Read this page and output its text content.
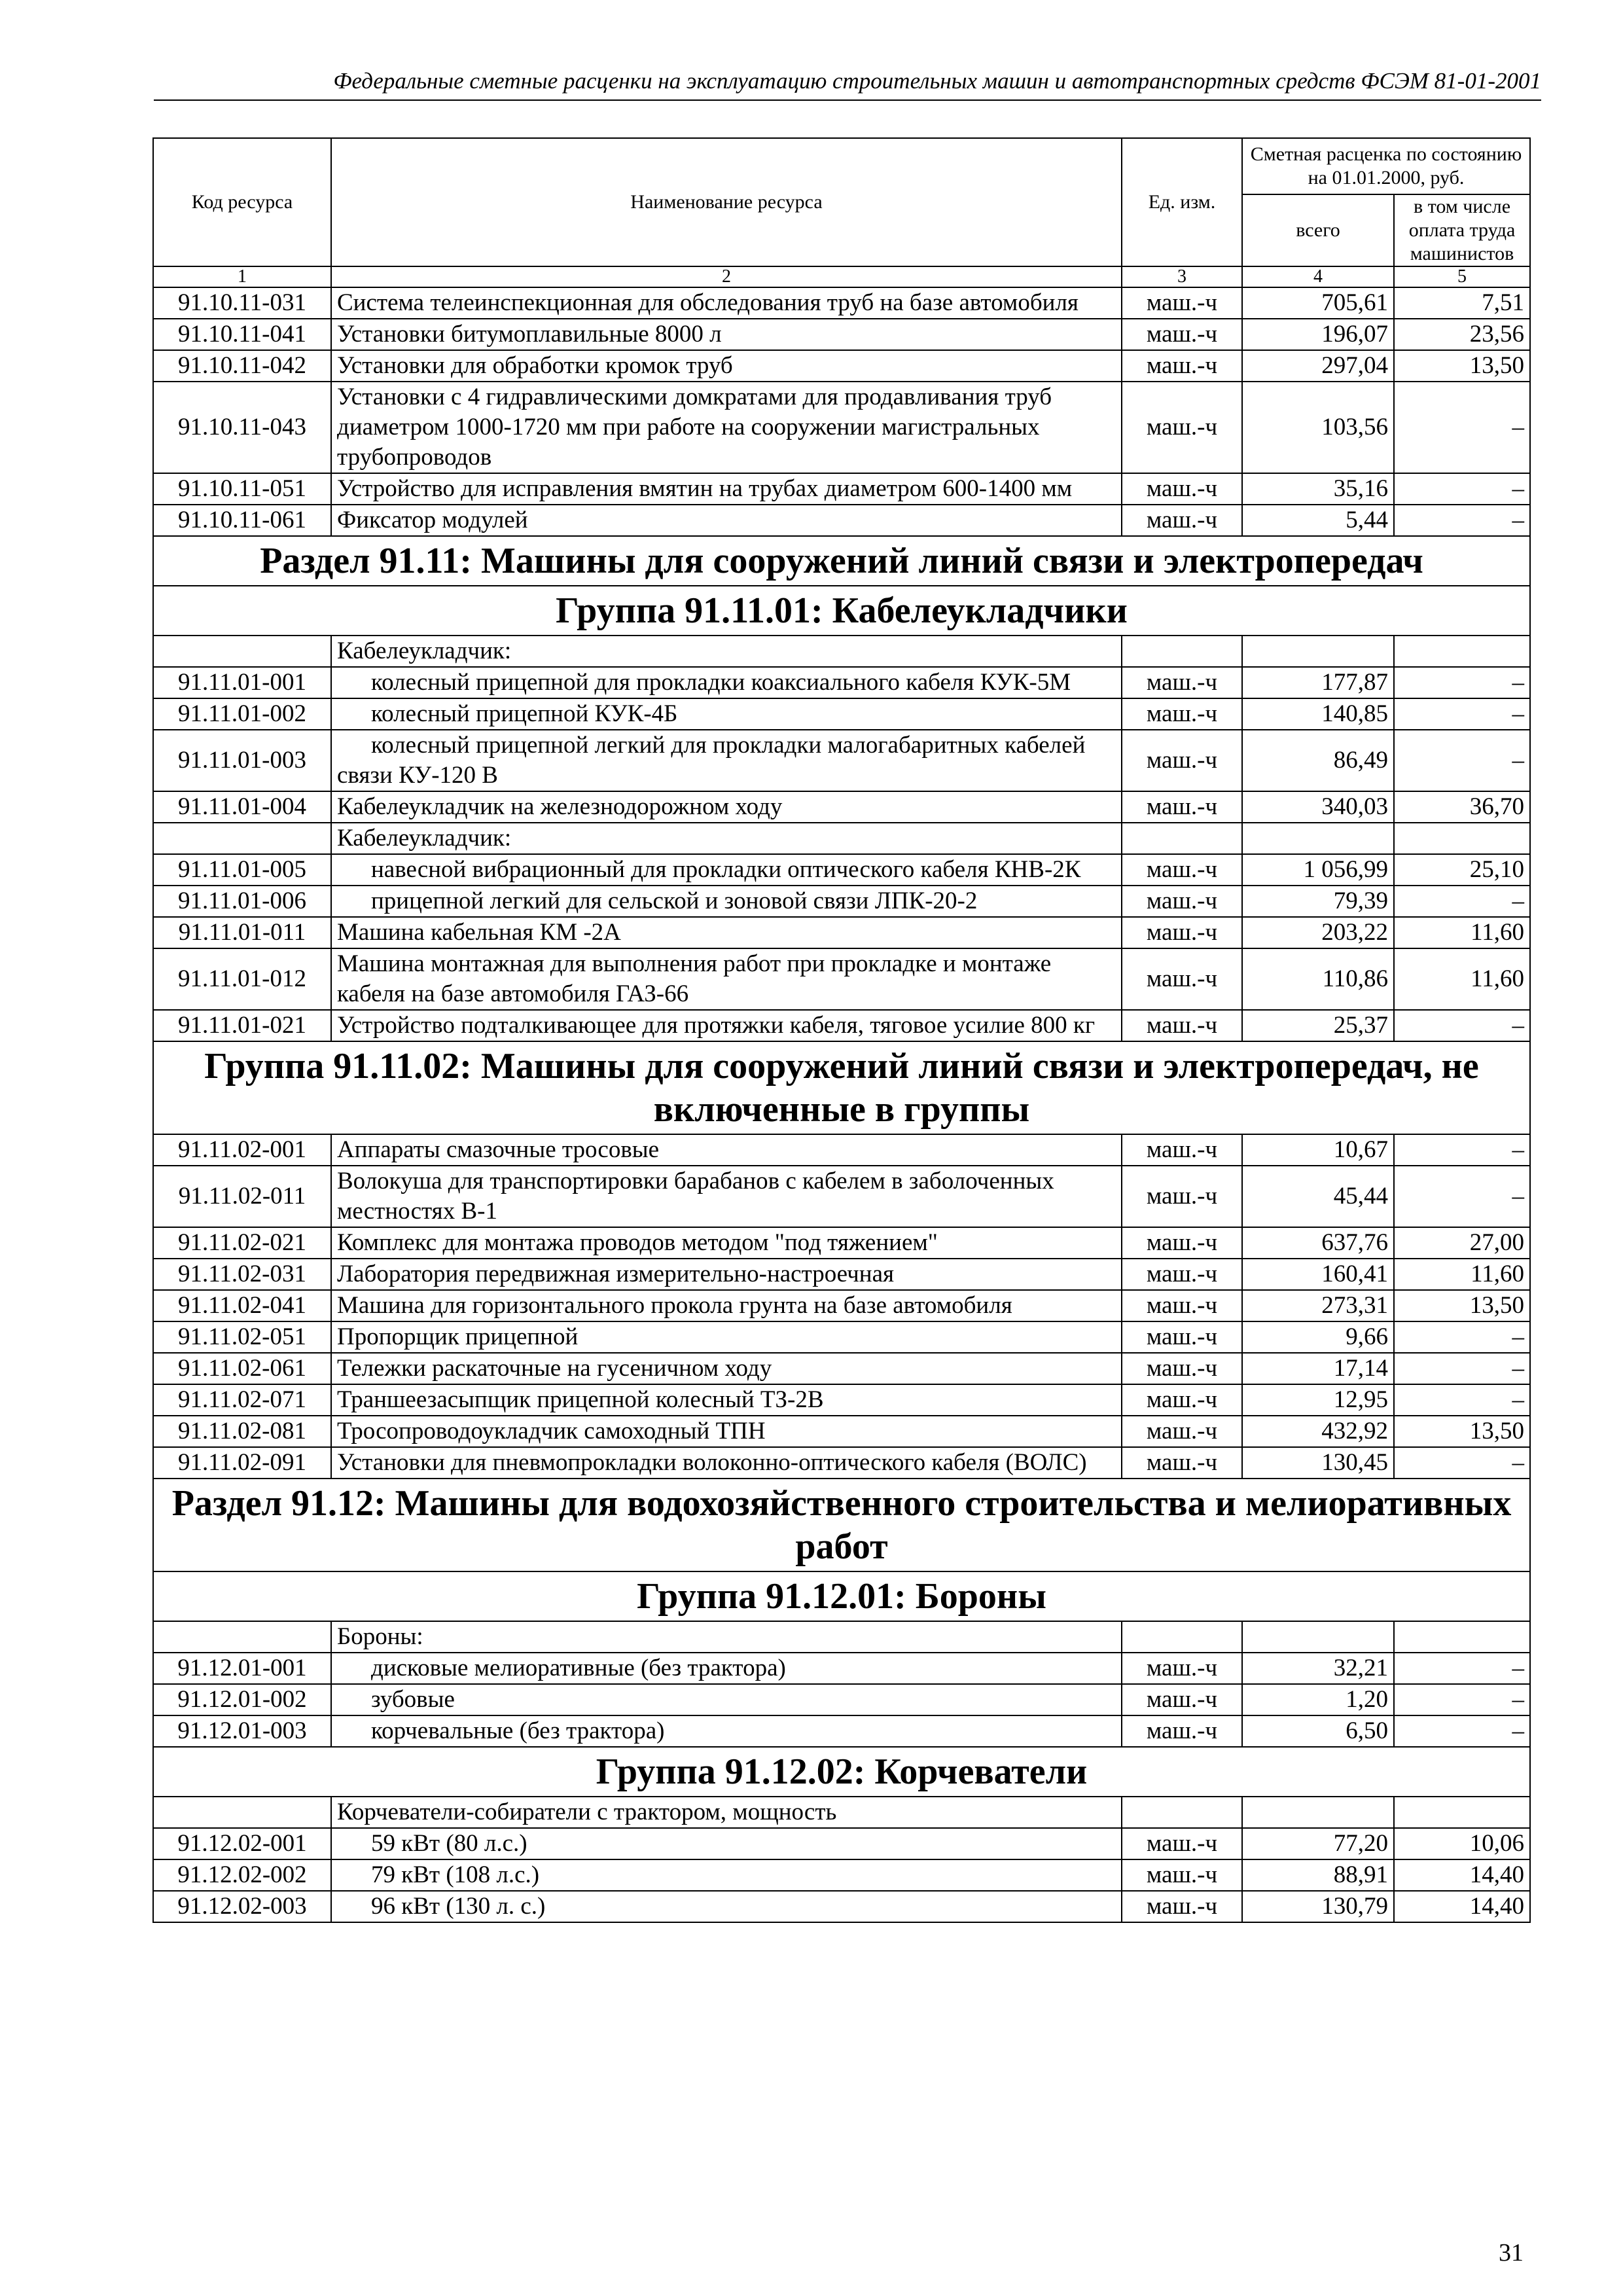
Федеральные сметные расценки на эксплуатацию строительных машин и автотранспортных средств ФСЭМ 81-01-2001
Код ресурса	Наименование ресурса	Ед. изм.	Сметная расценка по состоянию на 01.01.2000, руб.	
			всего	в том числе оплата труда машинистов
1	2	3	4	5
91.10.11-031	Система телеинспекционная для обследования труб на базе автомобиля	маш.-ч	705,61	7,51
91.10.11-041	Установки битумоплавильные 8000 л	маш.-ч	196,07	23,56
91.10.11-042	Установки для обработки кромок труб	маш.-ч	297,04	13,50
91.10.11-043	Установки с 4 гидравлическими домкратами для продавливания труб диаметром 1000-1720 мм при работе на сооружении магистральных трубопроводов	маш.-ч	103,56	–
91.10.11-051	Устройство для исправления вмятин на трубах диаметром 600-1400 мм	маш.-ч	35,16	–
91.10.11-061	Фиксатор модулей	маш.-ч	5,44	–
Раздел 91.11: Машины для сооружений линий связи и электропередач				
Группа 91.11.01: Кабелеукладчики				
	Кабелеукладчик:			
91.11.01-001	колесный прицепной для прокладки коаксиального кабеля КУК-5М	маш.-ч	177,87	–
91.11.01-002	колесный прицепной КУК-4Б	маш.-ч	140,85	–
91.11.01-003	колесный прицепной легкий для прокладки малогабаритных кабелей связи КУ-120 В	маш.-ч	86,49	–
91.11.01-004	Кабелеукладчик на железнодорожном ходу	маш.-ч	340,03	36,70
	Кабелеукладчик:			
91.11.01-005	навесной вибрационный для прокладки оптического кабеля КНВ-2К	маш.-ч	1 056,99	25,10
91.11.01-006	прицепной легкий для сельской и зоновой связи ЛПК-20-2	маш.-ч	79,39	–
91.11.01-011	Машина кабельная КМ -2А	маш.-ч	203,22	11,60
91.11.01-012	Машина монтажная для выполнения работ при прокладке и монтаже кабеля на базе автомобиля ГАЗ-66	маш.-ч	110,86	11,60
91.11.01-021	Устройство подталкивающее для протяжки кабеля, тяговое усилие 800 кг	маш.-ч	25,37	–
Группа 91.11.02: Машины для сооружений линий связи и электропередач, не включенные в группы				
91.11.02-001	Аппараты смазочные тросовые	маш.-ч	10,67	–
91.11.02-011	Волокуша для транспортировки барабанов с кабелем в заболоченных местностях В-1	маш.-ч	45,44	–
91.11.02-021	Комплекс для монтажа проводов методом "под тяжением"	маш.-ч	637,76	27,00
91.11.02-031	Лаборатория передвижная измерительно-настроечная	маш.-ч	160,41	11,60
91.11.02-041	Машина для горизонтального прокола грунта на базе автомобиля	маш.-ч	273,31	13,50
91.11.02-051	Пропорщик прицепной	маш.-ч	9,66	–
91.11.02-061	Тележки раскаточные на гусеничном ходу	маш.-ч	17,14	–
91.11.02-071	Траншеезасыпщик прицепной колесный ТЗ-2В	маш.-ч	12,95	–
91.11.02-081	Тросопроводоукладчик самоходный ТПН	маш.-ч	432,92	13,50
91.11.02-091	Установки для пневмопрокладки волоконно-оптического кабеля (ВОЛС)	маш.-ч	130,45	–
Раздел 91.12: Машины для водохозяйственного строительства и мелиоративных работ				
Группа 91.12.01: Бороны				
	Бороны:			
91.12.01-001	дисковые мелиоративные (без трактора)	маш.-ч	32,21	–
91.12.01-002	зубовые	маш.-ч	1,20	–
91.12.01-003	корчевальные (без трактора)	маш.-ч	6,50	–
Группа 91.12.02: Корчеватели				
	Корчеватели-собиратели с трактором, мощность			
91.12.02-001	59 кВт (80 л.с.)	маш.-ч	77,20	10,06
91.12.02-002	79 кВт (108 л.с.)	маш.-ч	88,91	14,40
91.12.02-003	96 кВт (130 л. с.)	маш.-ч	130,79	14,40
31
